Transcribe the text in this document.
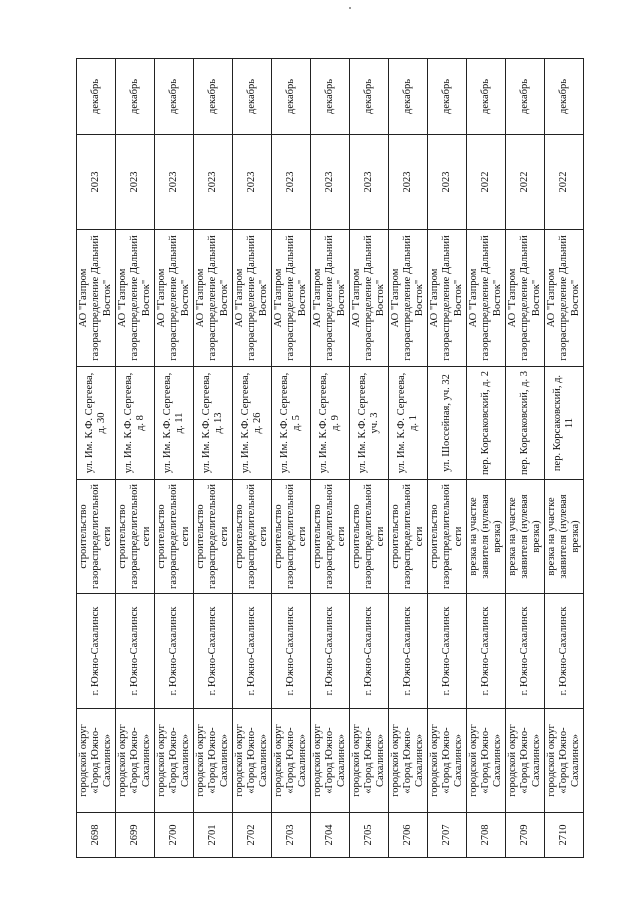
2698	городской округ «Город Южно-Сахалинск»	г. Южно-Сахалинск	строительство газораспределительной сети	ул. Им. К.Ф. Сергеева, д. 30	АО "Газпром газораспределение Дальний Восток"	2023	декабрь
2699	городской округ «Город Южно-Сахалинск»	г. Южно-Сахалинск	строительство газораспределительной сети	ул. Им. К.Ф. Сергеева, д. 8	АО "Газпром газораспределение Дальний Восток"	2023	декабрь
2700	городской округ «Город Южно-Сахалинск»	г. Южно-Сахалинск	строительство газораспределительной сети	ул. Им. К.Ф. Сергеева, д. 11	АО "Газпром газораспределение Дальний Восток"	2023	декабрь
2701	городской округ «Город Южно-Сахалинск»	г. Южно-Сахалинск	строительство газораспределительной сети	ул. Им. К.Ф. Сергеева, д. 13	АО "Газпром газораспределение Дальний Восток"	2023	декабрь
2702	городской округ «Город Южно-Сахалинск»	г. Южно-Сахалинск	строительство газораспределительной сети	ул. Им. К.Ф. Сергеева, д. 26	АО "Газпром газораспределение Дальний Восток"	2023	декабрь
2703	городской округ «Город Южно-Сахалинск»	г. Южно-Сахалинск	строительство газораспределительной сети	ул. Им. К.Ф. Сергеева, д. 5	АО "Газпром газораспределение Дальний Восток"	2023	декабрь
2704	городской округ «Город Южно-Сахалинск»	г. Южно-Сахалинск	строительство газораспределительной сети	ул. Им. К.Ф. Сергеева, д. 9	АО "Газпром газораспределение Дальний Восток"	2023	декабрь
2705	городской округ «Город Южно-Сахалинск»	г. Южно-Сахалинск	строительство газораспределительной сети	ул. Им. К.Ф. Сергеева, уч. 3	АО "Газпром газораспределение Дальний Восток"	2023	декабрь
2706	городской округ «Город Южно-Сахалинск»	г. Южно-Сахалинск	строительство газораспределительной сети	ул. Им. К.Ф. Сергеева, д. 1	АО "Газпром газораспределение Дальний Восток"	2023	декабрь
2707	городской округ «Город Южно-Сахалинск»	г. Южно-Сахалинск	строительство газораспределительной сети	ул. Шоссейная, уч. 32	АО "Газпром газораспределение Дальний Восток"	2023	декабрь
2708	городской округ «Город Южно-Сахалинск»	г. Южно-Сахалинск	врезка на участке заявителя (нулевая врезка)	пер. Корсаковский, д. 2	АО "Газпром газораспределение Дальний Восток"	2022	декабрь
2709	городской округ «Город Южно-Сахалинск»	г. Южно-Сахалинск	врезка на участке заявителя (нулевая врезка)	пер. Корсаковский, д. 3	АО "Газпром газораспределение Дальний Восток"	2022	декабрь
2710	городской округ «Город Южно-Сахалинск»	г. Южно-Сахалинск	врезка на участке заявителя (нулевая врезка)	пер. Корсаковский, д. 11	АО "Газпром газораспределение Дальний Восток"	2022	декабрь
